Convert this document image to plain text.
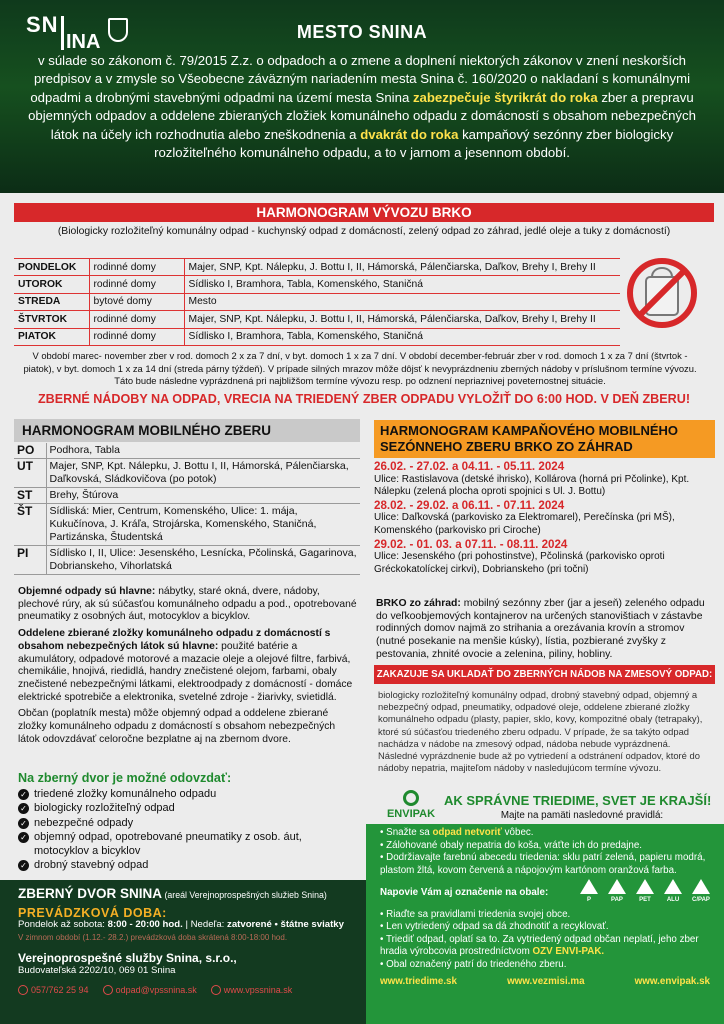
SN
INA	MESTO SNINA

v súlade so zákonom č. 79/2015 Z.z. o odpadoch a o zmene a doplnení niektorých zákonov v znení neskorších predpisov a v zmysle so Všeobecne záväzným nariadením mesta Snina č. 160/2020 o nakladaní s komunálnymi odpadmi a drobnými stavebnými odpadmi na území mesta Snina zabezpečuje štyrikrát do roka zber a prepravu objemných odpadov a oddelene zbieraných zložiek komunálneho odpadu z domácností s obsahom nebezpečných látok na účely ich rozhodnutia alebo zneškodnenia a dvakrát do roka kampaňový sezónny zber biologicky rozložiteľného komunálneho odpadu, a to v jarnom a jesennom období.

HARMONOGRAM VÝVOZU BRKO
(Biologicky rozložiteľný komunálny odpad - kuchynský odpad z domácností, zelený odpad zo záhrad, jedlé oleje a tuky z domácností)
PONDELOK	rodinné domy	Majer, SNP, Kpt. Nálepku, J. Bottu I, II, Hámorská, Pálenčiarska, Daľkov, Brehy I, Brehy II
UTOROK	rodinné domy	Sídlisko I, Bramhora, Tabla, Komenského, Staničná
STREDA	bytové domy	Mesto
ŠTVRTOK	rodinné domy	Majer, SNP, Kpt. Nálepku, J. Bottu I, II, Hámorská, Pálenčiarska, Daľkov, Brehy I, Brehy II
PIATOK	rodinné domy	Sídlisko I, Bramhora, Tabla, Komenského, Staničná

V období marec- november zber v rod. domoch 2 x za 7 dní, v byt. domoch 1 x za 7 dní. V období december-február zber v rod. domoch 1 x za 7 dní (štvrtok - piatok), v byt. domoch 1 x za 14 dní (streda párny týždeň). V prípade silných mrazov môže dôjsť k nevyprázdneniu zberných nádoby v príslušnom termíne vývozu. Táto bude následne vyprázdnená pri najbližšom termíne vývozu resp. po odznení nepriaznivej poveternostnej situácie.

ZBERNÉ NÁDOBY NA ODPAD, VRECIA NA TRIEDENÝ ZBER ODPADU VYLOŽIŤ DO 6:00 HOD. V DEŇ ZBERU!
HARMONOGRAM MOBILNÉHO ZBERU
PO	Podhora, Tabla
UT	Majer, SNP, Kpt. Nálepku, J. Bottu I, II, Hámorská, Pálenčiarska, Daľkovská, Sládkovičova (po potok)
ST	Brehy, Štúrova
ŠT	Sídliská: Mier, Centrum, Komenského, Ulice: 1. mája, Kukučínova, J. Kráľa, Strojárska, Komenského, Staničná, Partizánska, Študentská
PI	Sídlisko I, II, Ulice: Jesenského, Lesnícka, Pčolinská, Gagarinova, Dobrianskeho, Vihorlatská

Objemné odpady sú hlavne: nábytky, staré okná, dvere, nádoby, plechové rúry, ak sú súčasťou komunálneho odpadu a pod., opotrebované pneumatiky z osobných áut, motocyklov a bicyklov.

Oddelene zbierané zložky komunálneho odpadu z domácností s obsahom nebezpečných látok sú hlavne: použité batérie a akumulátory, odpadové motorové a mazacie oleje a olejové filtre, farbivá, chemikálie, hnojivá, riedidlá, handry znečistené olejom, farbami, obaly znečistené nebezpečnými látkami, elektroodpady z domácností - domáce elektrické spotrebiče a elektronika, svetelné zdroje - žiarivky, svietidlá.

Občan (poplatník mesta) môže objemný odpad a oddelene zbierané zložky komunálneho odpadu z domácností s obsahom nebezpečných látok odovzdávať celoročne bezplatne aj na zbernom dvore.

Na zberný dvor je možné odovzdať:
✓ triedené zložky komunálneho odpadu
✓ biologicky rozložiteľný odpad
✓ nebezpečné odpady
✓ objemný odpad, opotrebované pneumatiky z osob. áut, motocyklov a bicyklov
✓ drobný stavebný odpad
HARMONOGRAM KAMPAŇOVÉHO MOBILNÉHO SEZÓNNEHO ZBERU BRKO ZO ZÁHRAD
26.02. - 27.02. a 04.11. - 05.11. 2024
Ulice: Rastislavova (detské ihrisko), Kollárova (horná pri Pčolinke), Kpt. Nálepku (zelená plocha oproti spojnici s Ul. J. Bottu)
28.02. - 29.02. a 06.11. - 07.11. 2024
Ulice: Daľkovská (parkovisko za Elektromarel), Perečínska (pri MŠ), Komenského (parkovisko pri Ciroche)
29.02. - 01. 03. a 07.11. - 08.11. 2024
Ulice: Jesenského (pri pohostinstve), Pčolinská (parkovisko oproti Gréckokatolíckej cirkvi), Dobrianskeho (pri točni)

BRKO zo záhrad: mobilný sezónny zber (jar a jeseň) zeleného odpadu do veľkoobjemových kontajnerov na určených stanovištiach v zástavbe rodinných domov najmä zo strihania a orezávania krovín a stromov (nutné posekanie na menšie kúsky), lístia, pozbierané zvyšky z pestovania, zhnité ovocie a zelenina, piliny, hobliny.

ZAKAZUJE SA UKLADAŤ DO ZBERNÝCH NÁDOB NA ZMESOVÝ ODPAD:

biologicky rozložiteľný komunálny odpad, drobný stavebný odpad, objemný a nebezpečný odpad, pneumatiky, odpadové oleje, oddelene zbierané zložky komunálneho odpadu (plasty, papier, sklo, kovy, kompozitné obaly (tetrapaky), ktoré sú súčasťou triedeného zberu odpadu. V prípade, že sa takýto odpad nachádza v nádobe na zmesový odpad, nádoba nebude vyprázdnená. Následné vyprázdnenie bude až po vytriedení a odstránení odpadov, ktoré do nádoby nepatria, majiteľom nádoby v nasledujúcom termíne vývozu.

ENVIPAK
AK SPRÁVNE TRIEDIME, SVET JE KRAJŠÍ!
Majte na pamäti nasledovné pravidlá:
• Snažte sa odpad netvoriť vôbec.
• Zálohované obaly nepatria do koša, vráťte ich do predajne.
• Dodržiavajte farebnú abecedu triedenia: sklu patrí zelená, papieru modrá, plastom žltá, kovom červená a nápojovým kartónom oranžová farba.
Napovie Vám aj označenie na obale:
P	PAP	PET	ALU C/PAP
• Riaďte sa pravidlami triedenia svojej obce.
• Len vytriedený odpad sa dá zhodnotiť a recyklovať.
• Triediť odpad, oplatí sa to. Za vytriedený odpad občan neplatí, jeho zber hradia výrobcovia prostredníctvom OZV ENVI-PAK.
• Obal označený patrí do triedeného zberu.
www.triedime.sk	www.vezmisi.ma	www.envipak.sk
ZBERNÝ DVOR SNINA (areál Verejnoprospešných služieb Snina)
PREVÁDZKOVÁ DOBA:
Pondelok až sobota: 8:00 - 20:00 hod. | Nedeľa: zatvorené • štátne sviatky
V zimnom období (1.12.- 28.2.) prevádzková doba skrátená 8:00-18:00 hod.
Verejnoprospešné služby Snina, s.r.o.,
Budovateľská 2202/10, 069 01 Snina
057/762 25 94	odpad@vpssnina.sk	www.vpssnina.sk
